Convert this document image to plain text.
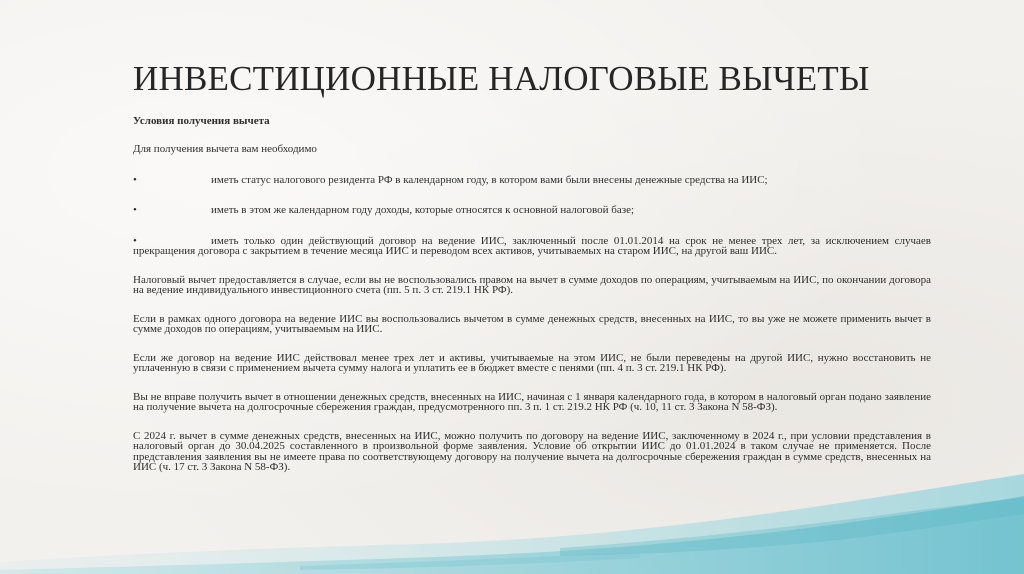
ИНВЕСТИЦИОННЫЕ НАЛОГОВЫЕ ВЫЧЕТЫ
Условия получения вычета

Для получения вычета вам необходимо

•	иметь статус налогового резидента РФ в календарном году, в котором вами были внесены денежные средства на ИИС;
•	иметь в этом же календарном году доходы, которые относятся к основной налоговой базе;
•	иметь только один действующий договор на ведение ИИС, заключенный после 01.01.2014 на срок не менее трех лет, за исключением случаев прекращения договора с закрытием в течение месяца ИИС и переводом всех активов, учитываемых на старом ИИС, на другой ваш ИИС.

Налоговый вычет предоставляется в случае, если вы не воспользовались правом на вычет в сумме доходов по операциям, учитываемым на ИИС, по окончании договора на ведение индивидуального инвестиционного счета (пп. 5 п. 3 ст. 219.1 НК РФ).

Если в рамках одного договора на ведение ИИС вы воспользовались вычетом в сумме денежных средств, внесенных на ИИС, то вы уже не можете применить вычет в сумме доходов по операциям, учитываемым на ИИС.

Если же договор на ведение ИИС действовал менее трех лет и активы, учитываемые на этом ИИС, не были переведены на другой ИИС, нужно восстановить не уплаченную в связи с применением вычета сумму налога и уплатить ее в бюджет вместе с пенями (пп. 4 п. 3 ст. 219.1 НК РФ).

Вы не вправе получить вычет в отношении денежных средств, внесенных на ИИС, начиная с 1 января календарного года, в котором в налоговый орган подано заявление на получение вычета на долгосрочные сбережения граждан, предусмотренного пп. 3 п. 1 ст. 219.2 НК РФ (ч. 10, 11 ст. 3 Закона N 58-ФЗ).

С 2024 г. вычет в сумме денежных средств, внесенных на ИИС, можно получить по договору на ведение ИИС, заключенному в 2024 г., при условии представления в налоговый орган до 30.04.2025 составленного в произвольной форме заявления. Условие об открытии ИИС до 01.01.2024 в таком случае не применяется. После представления заявления вы не имеете права по соответствующему договору на получение вычета на долгосрочные сбережения граждан в сумме средств, внесенных на ИИС (ч. 17 ст. 3 Закона N 58-ФЗ).
